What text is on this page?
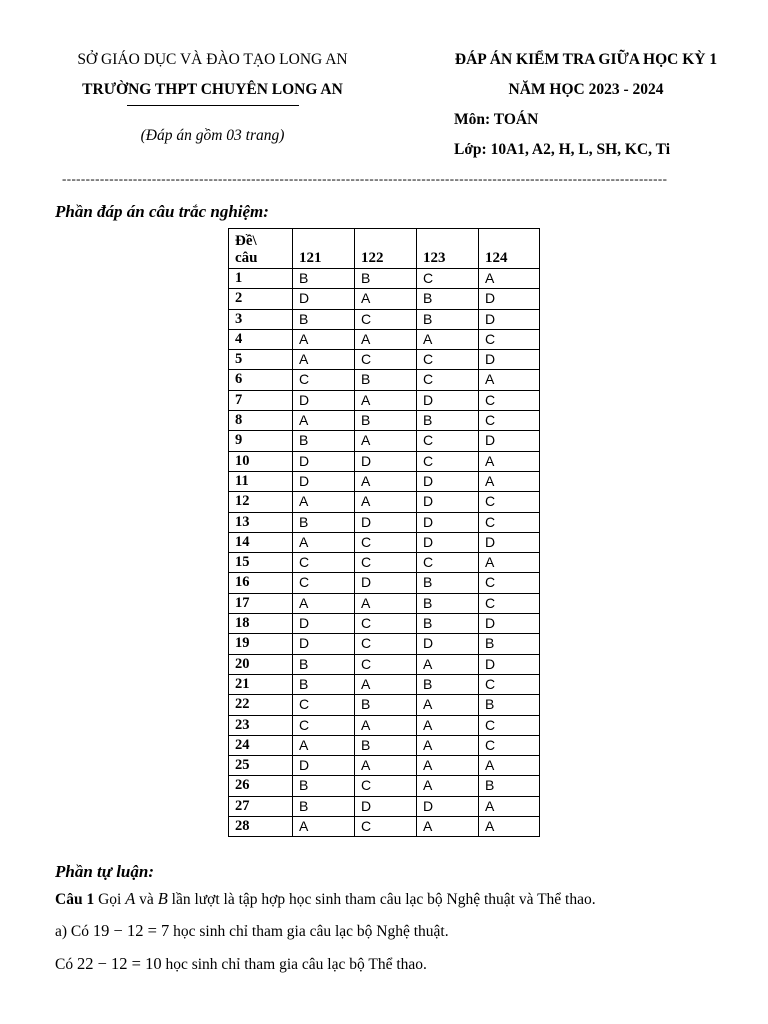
SỞ GIÁO DỤC VÀ ĐÀO TẠO LONG AN
TRƯỜNG THPT CHUYÊN LONG AN
(Đáp án gồm 03 trang)
ĐÁP ÁN KIỂM TRA GIỮA HỌC KỲ 1
NĂM HỌC 2023 - 2024
Môn: TOÁN
Lớp: 10A1, A2, H, L, SH, KC, Ti
--------------------------------------------------------------------------------------------------------------------------------
Phần đáp án câu trắc nghiệm:
Đề\
câu	121	122	123	124
1	B	B	C	A
2	D	A	B	D
3	B	C	B	D
4	A	A	A	C
5	A	C	C	D
6	C	B	C	A
7	D	A	D	C
8	A	B	B	C
9	B	A	C	D
10	D	D	C	A
11	D	A	D	A
12	A	A	D	C
13	B	D	D	C
14	A	C	D	D
15	C	C	C	A
16	C	D	B	C
17	A	A	B	C
18	D	C	B	D
19	D	C	D	B
20	B	C	A	D
21	B	A	B	C
22	C	B	A	B
23	C	A	A	C
24	A	B	A	C
25	D	A	A	A
26	B	C	A	B
27	B	D	D	A
28	A	C	A	A
Phần tự luận:
Câu 1 Gọi A và B lần lượt là tập hợp học sinh tham câu lạc bộ Nghệ thuật và Thể thao.
a) Có 19 − 12 = 7 học sinh chỉ tham gia câu lạc bộ Nghệ thuật.
Có 22 − 12 = 10 học sinh chỉ tham gia câu lạc bộ Thể thao.
